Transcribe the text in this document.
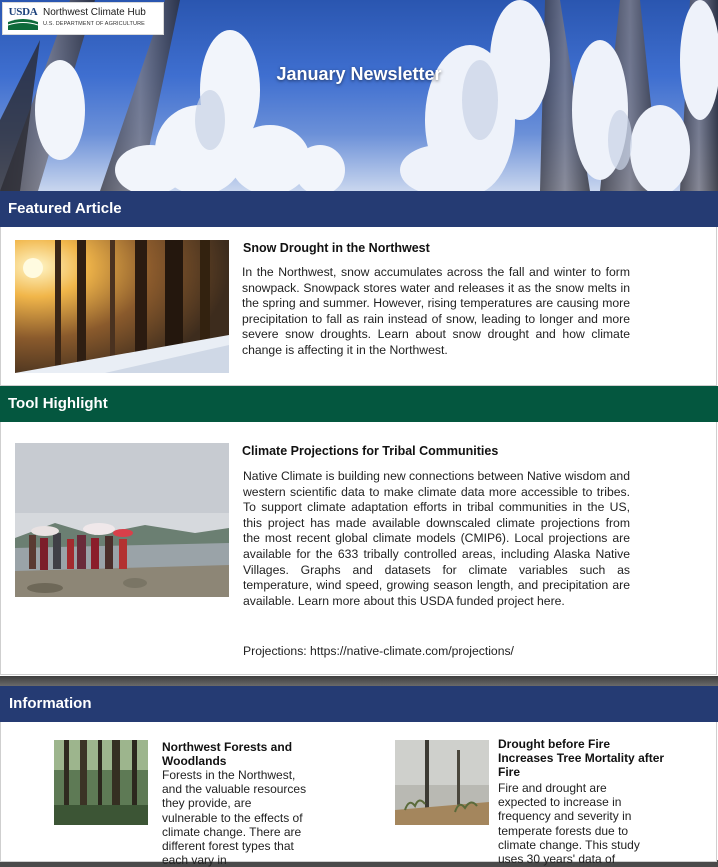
USDA Northwest Climate Hub
U.S. DEPARTMENT OF AGRICULTURE
January Newsletter
Featured Article
Snow Drought in the Northwest
In the Northwest, snow accumulates across the fall and winter to form snowpack. Snowpack stores water and releases it as the snow melts in the spring and summer. However, rising temperatures are causing more precipitation to fall as rain instead of snow, leading to longer and more severe snow droughts. Learn about snow drought and how climate change is affecting it in the Northwest.
Tool Highlight
Climate Projections for Tribal Communities
Native Climate is building new connections between Native wisdom and western scientific data to make climate data more accessible to tribes. To support climate adaptation efforts in tribal communities in the US, this project has made available downscaled climate projections from the most recent global climate models (CMIP6). Local projections are available for the 633 tribally controlled areas, including Alaska Native Villages. Graphs and datasets for climate variables such as temperature, wind speed, growing season length, and precipitation are available. Learn more about this USDA funded project here.
Projections: https://native-climate.com/projections/
Information
Northwest Forests and Woodlands
Forests in the Northwest, and the valuable resources they provide, are vulnerable to the effects of climate change. There are different forest types that each vary in
Drought before Fire Increases Tree Mortality after Fire
Fire and drought are expected to increase in frequency and severity in temperate forests due to climate change. This study uses 30 years' data of
